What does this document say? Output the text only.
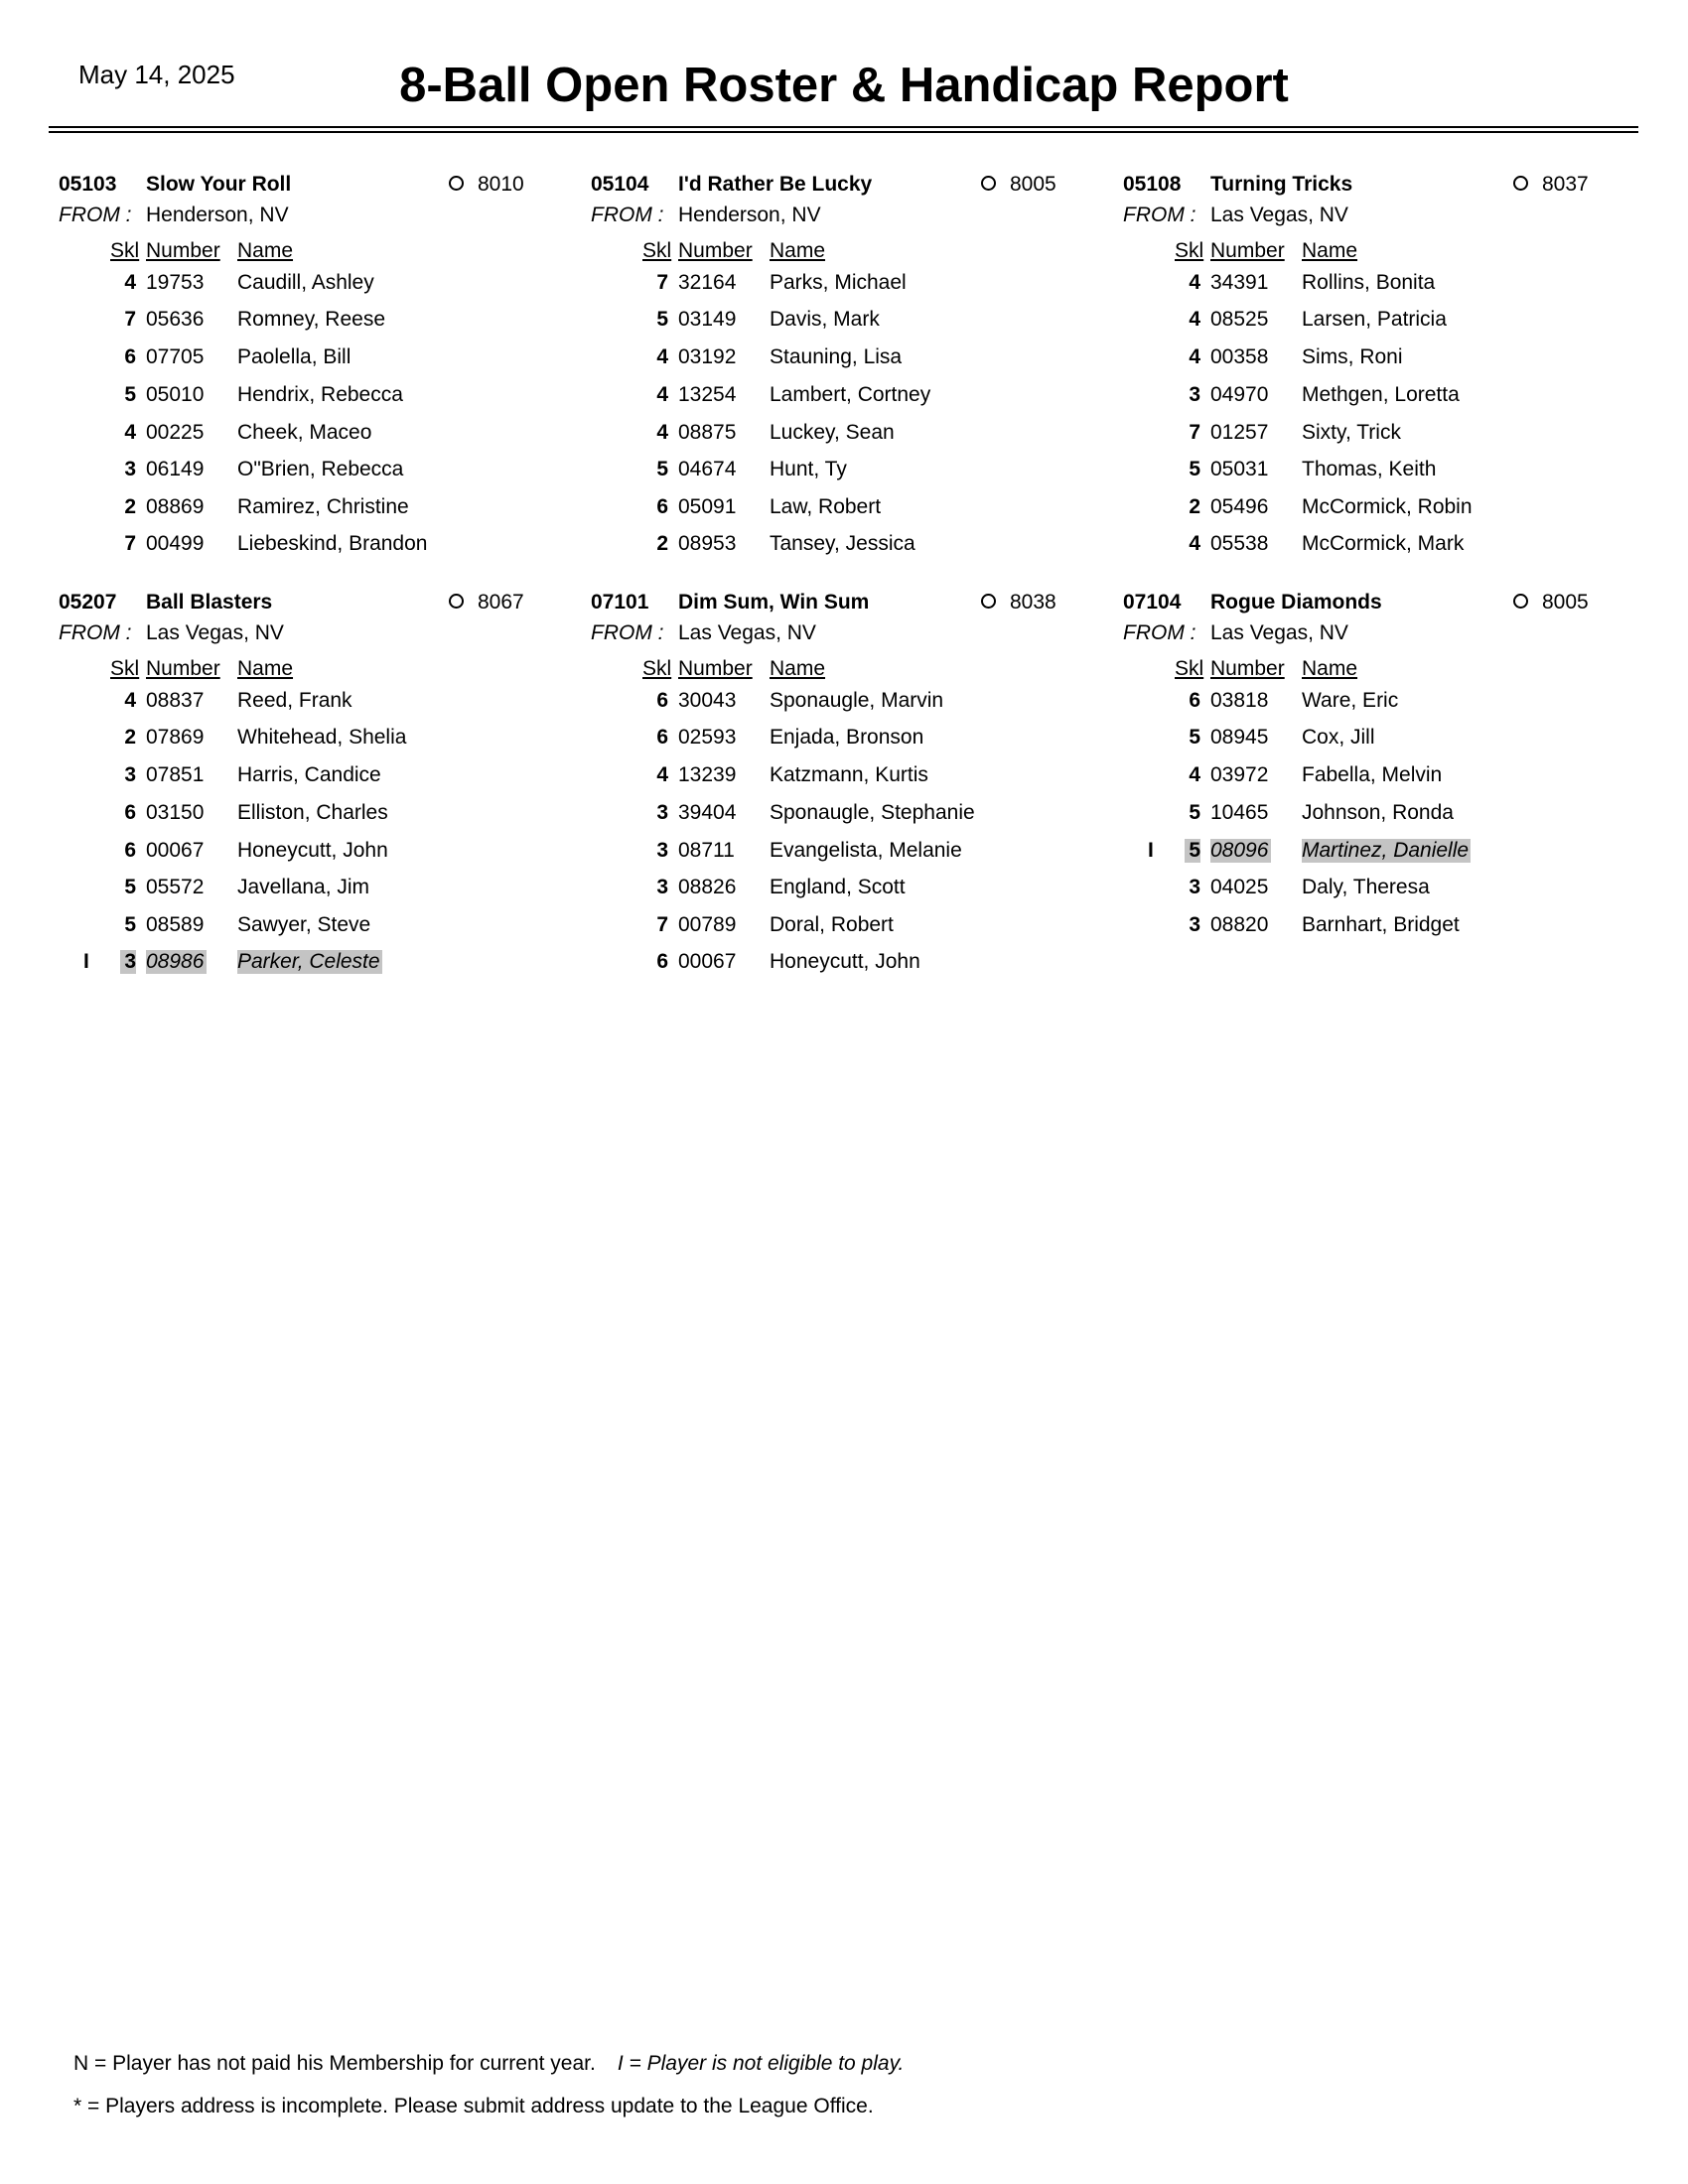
May 14, 2025	8-Ball Open Roster & Handicap Report
05103 Slow Your Roll	8010
FROM : Henderson, NV
Skl Number Name
4 19753 Caudill, Ashley
7 05636 Romney, Reese
6 07705 Paolella, Bill
5 05010 Hendrix, Rebecca
4 00225 Cheek, Maceo
3 06149 O"Brien, Rebecca
2 08869 Ramirez, Christine
7 00499 Liebeskind, Brandon
05104 I'd Rather Be Lucky	8005
FROM : Henderson, NV
Skl Number Name
7 32164 Parks, Michael
5 03149 Davis, Mark
4 03192 Stauning, Lisa
4 13254 Lambert, Cortney
4 08875 Luckey, Sean
5 04674 Hunt, Ty
6 05091 Law, Robert
2 08953 Tansey, Jessica
05108 Turning Tricks	8037
FROM : Las Vegas, NV
Skl Number Name
4 34391 Rollins, Bonita
4 08525 Larsen, Patricia
4 00358 Sims, Roni
3 04970 Methgen, Loretta
7 01257 Sixty, Trick
5 05031 Thomas, Keith
2 05496 McCormick, Robin
4 05538 McCormick, Mark
05207 Ball Blasters	8067
FROM : Las Vegas, NV
Skl Number Name
4 08837 Reed, Frank
2 07869 Whitehead, Shelia
3 07851 Harris, Candice
6 03150 Elliston, Charles
6 00067 Honeycutt, John
5 05572 Javellana, Jim
5 08589 Sawyer, Steve
I 3 08986 Parker, Celeste
07101 Dim Sum, Win Sum	8038
FROM : Las Vegas, NV
Skl Number Name
6 30043 Sponaugle, Marvin
6 02593 Enjada, Bronson
4 13239 Katzmann, Kurtis
3 39404 Sponaugle, Stephanie
3 08711 Evangelista, Melanie
3 08826 England, Scott
7 00789 Doral, Robert
6 00067 Honeycutt, John
07104 Rogue Diamonds	8005
FROM : Las Vegas, NV
Skl Number Name
6 03818 Ware, Eric
5 08945 Cox, Jill
4 03972 Fabella, Melvin
5 10465 Johnson, Ronda
I 5 08096 Martinez, Danielle
3 04025 Daly, Theresa
3 08820 Barnhart, Bridget
N = Player has not paid his Membership for current year. I = Player is not eligible to play.
* = Players address is incomplete. Please submit address update to the League Office.
